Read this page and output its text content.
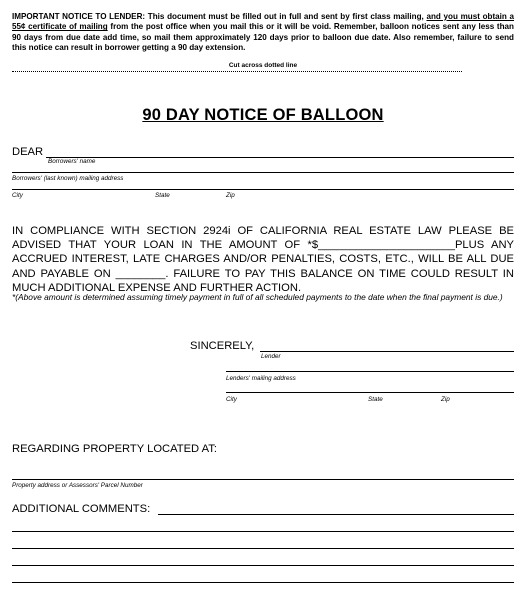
IMPORTANT NOTICE TO LENDER: This document must be filled out in full and sent by first class mailing, and you must obtain a 55¢ certificate of mailing from the post office when you mail this or it will be void. Remember, balloon notices sent any less than 90 days from due date add time, so mail them approximately 120 days prior to balloon due date. Also remember, failure to send this notice can result in borrower getting a 90 day extension.
Cut across dotted line
90 DAY NOTICE OF BALLOON
DEAR
Borrowers' name
Borrowers' (last known) mailing address
City	State	Zip
IN COMPLIANCE WITH SECTION 2924i OF CALIFORNIA REAL ESTATE LAW PLEASE BE ADVISED THAT YOUR LOAN IN THE AMOUNT OF *$______________________PLUS ANY ACCRUED INTEREST, LATE CHARGES AND/OR PENALTIES, COSTS, ETC., WILL BE ALL DUE AND PAYABLE ON ________. FAILURE TO PAY THIS BALANCE ON TIME COULD RESULT IN MUCH ADDITIONAL EXPENSE AND FURTHER ACTION.
*(Above amount is determined assuming timely payment in full of all scheduled payments to the date when the final payment is due.)
SINCERELY,
Lender
Lenders' mailing address
City	State	Zip
REGARDING PROPERTY LOCATED AT:
Property address or Assessors' Parcel Number
ADDITIONAL COMMENTS:
